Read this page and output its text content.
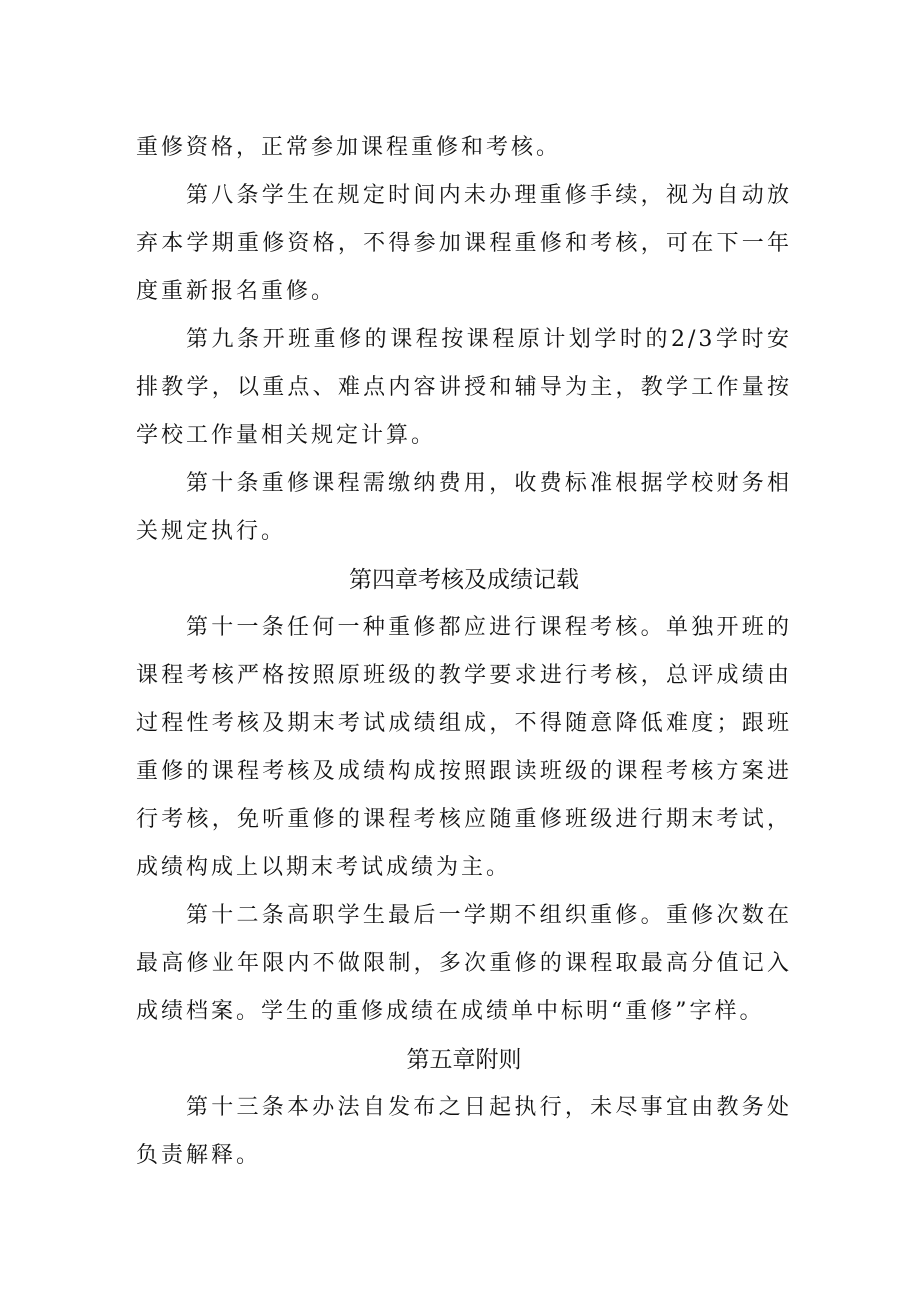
重修资格，正常参加课程重修和考核。

第八条学生在规定时间内未办理重修手续，视为自动放弃本学期重修资格，不得参加课程重修和考核，可在下一年度重新报名重修。

第九条开班重修的课程按课程原计划学时的2/3学时安排教学，以重点、难点内容讲授和辅导为主，教学工作量按学校工作量相关规定计算。

第十条重修课程需缴纳费用，收费标准根据学校财务相关规定执行。

第四章考核及成绩记载

第十一条任何一种重修都应进行课程考核。单独开班的课程考核严格按照原班级的教学要求进行考核，总评成绩由过程性考核及期末考试成绩组成，不得随意降低难度；跟班重修的课程考核及成绩构成按照跟读班级的课程考核方案进行考核，免听重修的课程考核应随重修班级进行期末考试，成绩构成上以期末考试成绩为主。

第十二条高职学生最后一学期不组织重修。重修次数在最高修业年限内不做限制，多次重修的课程取最高分值记入成绩档案。学生的重修成绩在成绩单中标明“重修”字样。

第五章附则

第十三条本办法自发布之日起执行，未尽事宜由教务处负责解释。
